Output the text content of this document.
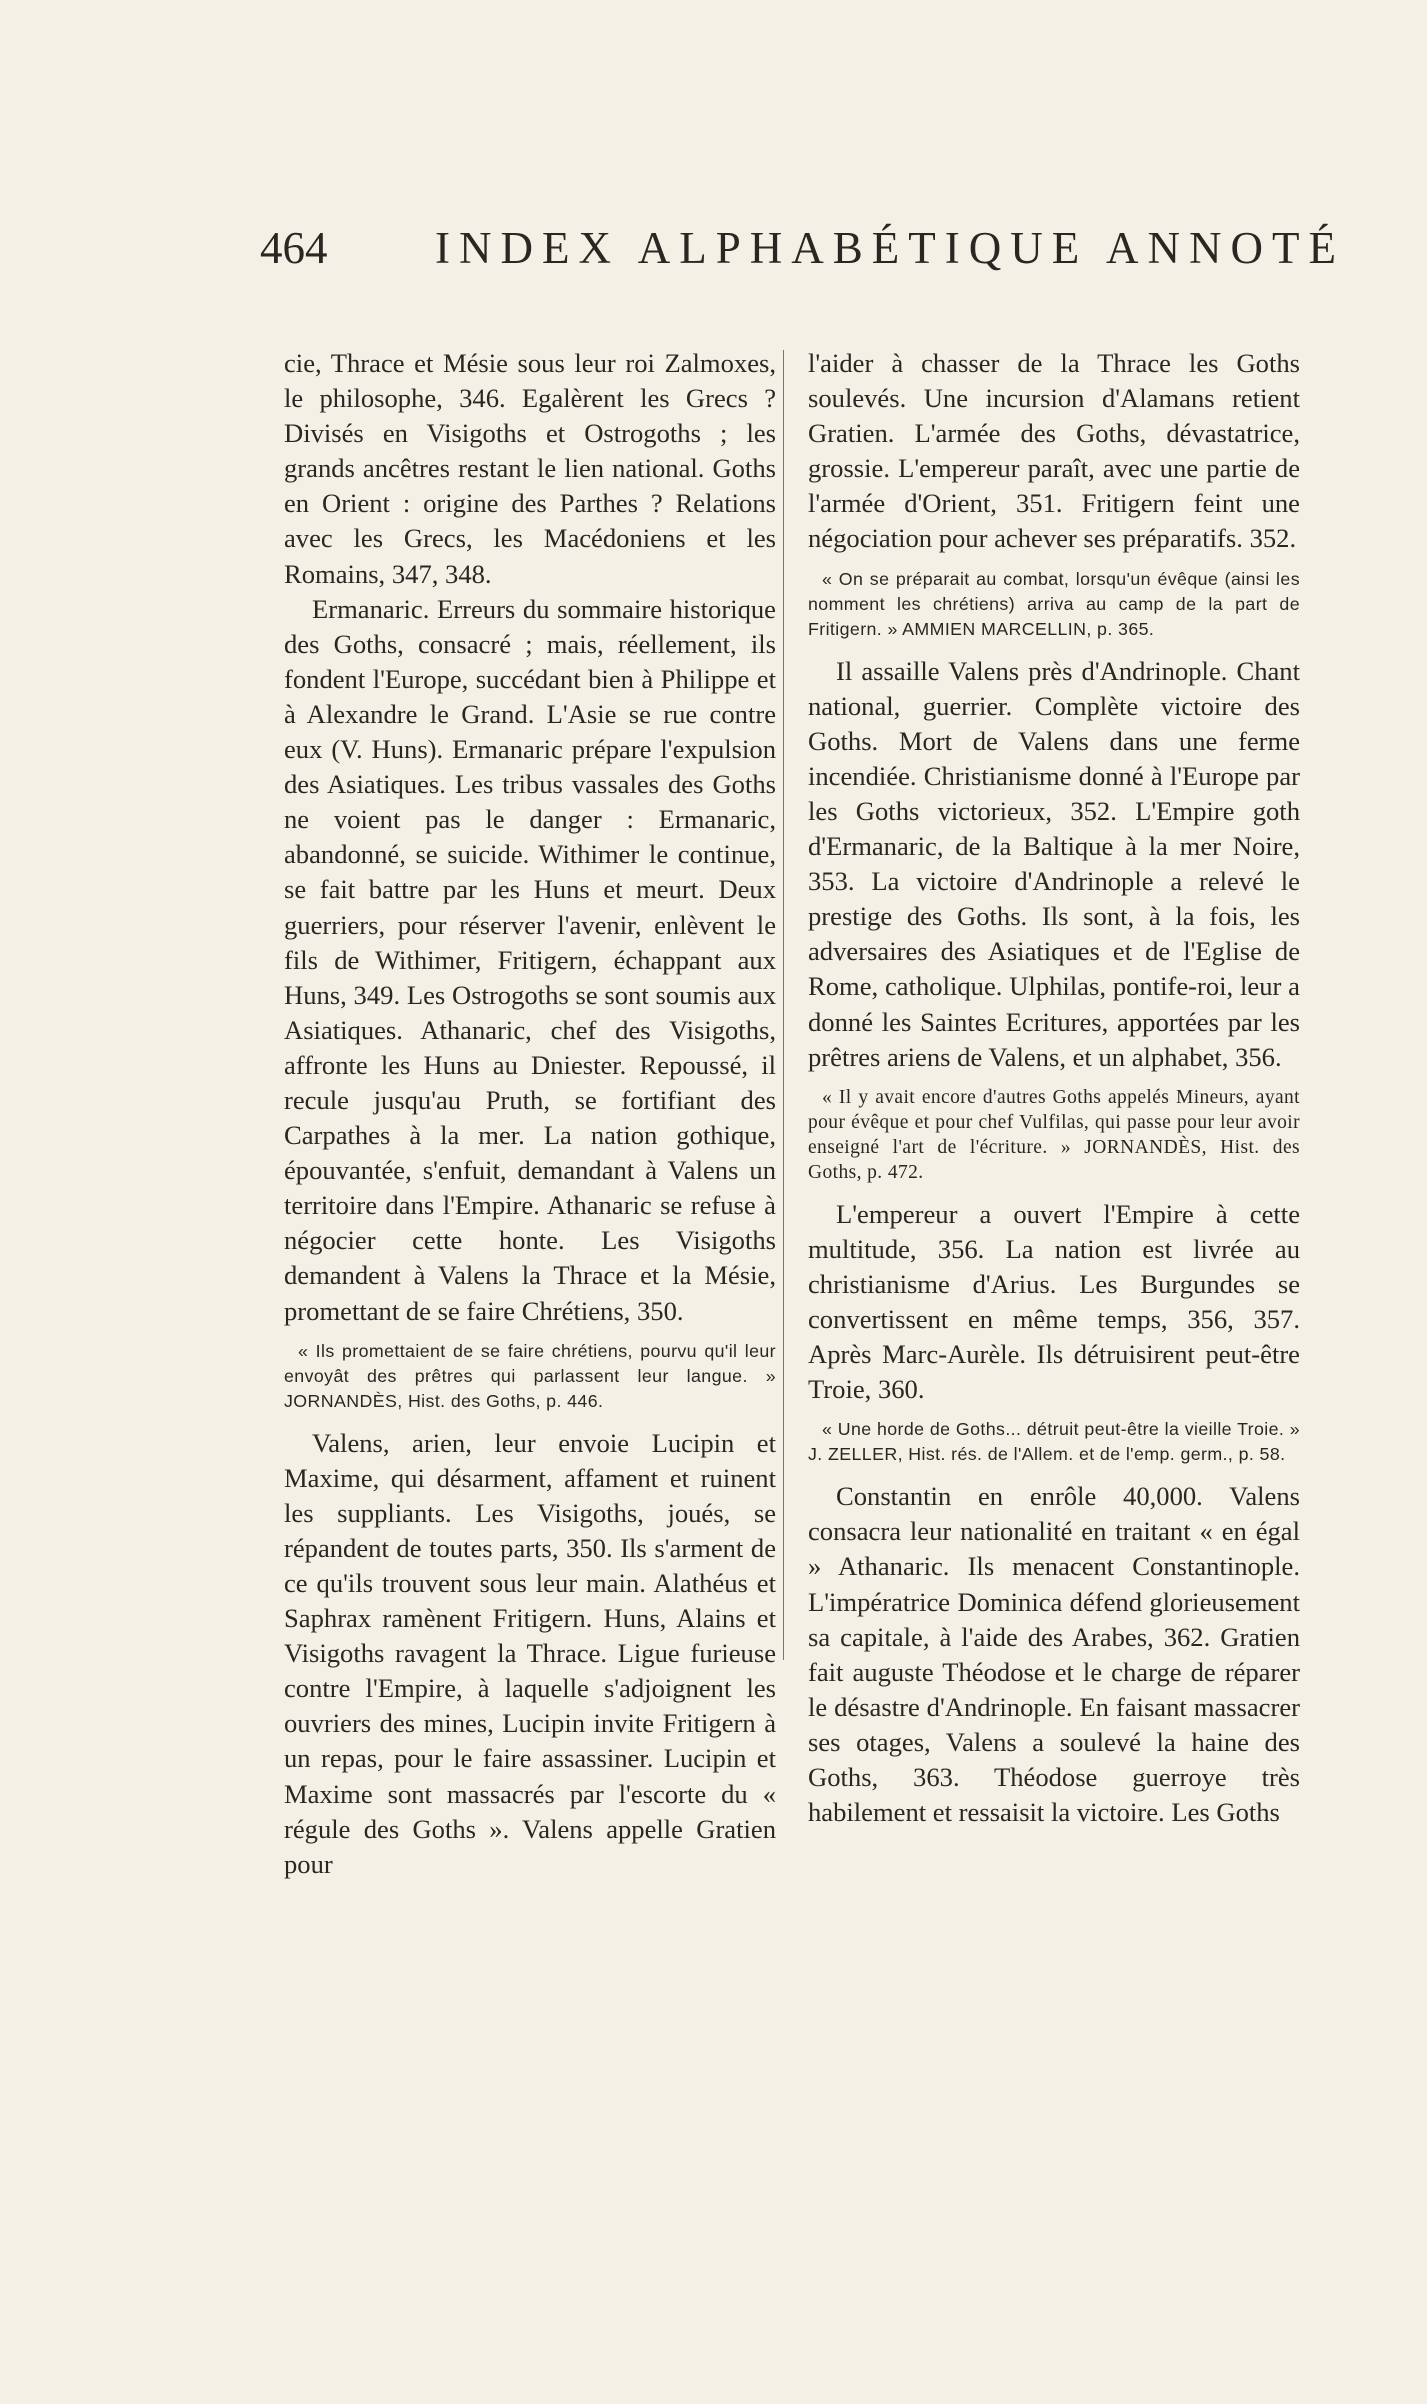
464 INDEX ALPHABÉTIQUE ANNOTÉ

cie, Thrace et Mésie sous leur roi Zalmoxes, le philosophe, 346. Egalèrent les Grecs ? Divisés en Visigoths et Ostrogoths ; les grands ancêtres restant le lien national. Goths en Orient : origine des Parthes ? Relations avec les Grecs, les Macédoniens et les Romains, 347, 348.

Ermanaric. Erreurs du sommaire historique des Goths, consacré ; mais, réellement, ils fondent l'Europe, succédant bien à Philippe et à Alexandre le Grand. L'Asie se rue contre eux (V. Huns). Ermanaric prépare l'expulsion des Asiatiques. Les tribus vassales des Goths ne voient pas le danger : Ermanaric, abandonné, se suicide. Withimer le continue, se fait battre par les Huns et meurt. Deux guerriers, pour réserver l'avenir, enlèvent le fils de Withimer, Fritigern, échappant aux Huns, 349. Les Ostrogoths se sont soumis aux Asiatiques. Athanaric, chef des Visigoths, affronte les Huns au Dniester. Repoussé, il recule jusqu'au Pruth, se fortifiant des Carpathes à la mer. La nation gothique, épouvantée, s'enfuit, demandant à Valens un territoire dans l'Empire. Athanaric se refuse à négocier cette honte. Les Visigoths demandent à Valens la Thrace et la Mésie, promettant de se faire Chrétiens, 350.

« Ils promettaient de se faire chrétiens, pourvu qu'il leur envoyât des prêtres qui parlassent leur langue. » JORNANDÈS, Hist. des Goths, p. 446.

Valens, arien, leur envoie Lucipin et Maxime, qui désarment, affament et ruinent les suppliants. Les Visigoths, joués, se répandent de toutes parts, 350. Ils s'arment de ce qu'ils trouvent sous leur main. Alathéus et Saphrax ramènent Fritigern. Huns, Alains et Visigoths ravagent la Thrace. Ligue furieuse contre l'Empire, à laquelle s'adjoignent les ouvriers des mines, Lucipin invite Fritigern à un repas, pour le faire assassiner. Lucipin et Maxime sont massacrés par l'escorte du « régule des Goths ». Valens appelle Gratien pour

l'aider à chasser de la Thrace les Goths soulevés. Une incursion d'Alamans retient Gratien. L'armée des Goths, dévastatrice, grossie. L'empereur paraît, avec une partie de l'armée d'Orient, 351. Fritigern feint une négociation pour achever ses préparatifs. 352.

« On se préparait au combat, lorsqu'un évêque (ainsi les nomment les chrétiens) arriva au camp de la part de Fritigern. » AMMIEN MARCELLIN, p. 365.

Il assaille Valens près d'Andrinople. Chant national, guerrier. Complète victoire des Goths. Mort de Valens dans une ferme incendiée. Christianisme donné à l'Europe par les Goths victorieux, 352. L'Empire goth d'Ermanaric, de la Baltique à la mer Noire, 353. La victoire d'Andrinople a relevé le prestige des Goths. Ils sont, à la fois, les adversaires des Asiatiques et de l'Eglise de Rome, catholique. Ulphilas, pontife-roi, leur a donné les Saintes Ecritures, apportées par les prêtres ariens de Valens, et un alphabet, 356.

« Il y avait encore d'autres Goths appelés Mineurs, ayant pour évêque et pour chef Vulfilas, qui passe pour leur avoir enseigné l'art de l'écriture. » JORNANDÈS, Hist. des Goths, p. 472.

L'empereur a ouvert l'Empire à cette multitude, 356. La nation est livrée au christianisme d'Arius. Les Burgundes se convertissent en même temps, 356, 357. Après Marc-Aurèle. Ils détruisirent peut-être Troie, 360.

« Une horde de Goths... détruit peut-être la vieille Troie. » J. ZELLER, Hist. rés. de l'Allem. et de l'emp. germ., p. 58.

Constantin en enrôle 40,000. Valens consacra leur nationalité en traitant « en égal » Athanaric. Ils menacent Constantinople. L'impératrice Dominica défend glorieusement sa capitale, à l'aide des Arabes, 362. Gratien fait auguste Théodose et le charge de réparer le désastre d'Andrinople. En faisant massacrer ses otages, Valens a soulevé la haine des Goths, 363. Théodose guerroye très habilement et ressaisit la victoire. Les Goths
